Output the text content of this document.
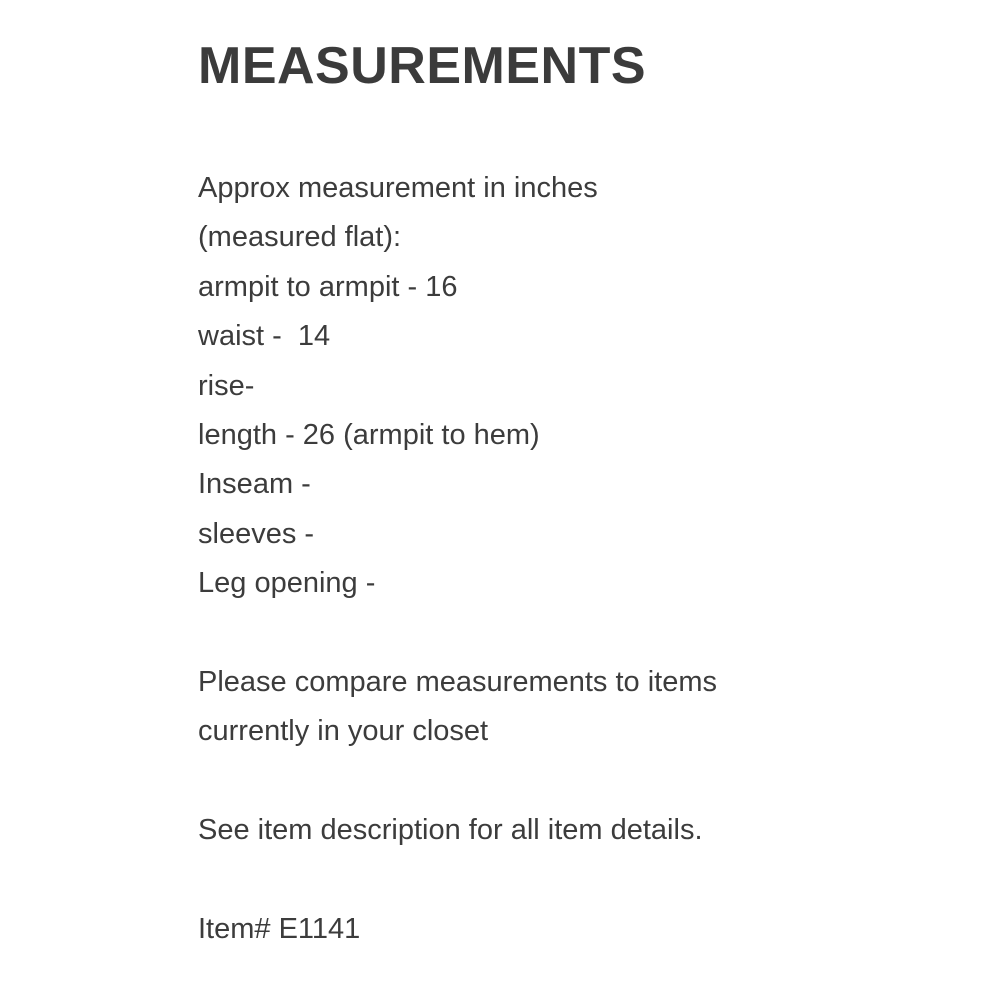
MEASUREMENTS
Approx measurement in inches
(measured flat):
armpit to armpit - 16
waist -  14
rise-
length - 26 (armpit to hem)
Inseam -
sleeves -
Leg opening -
Please compare measurements to items
currently in your closet
See item description for all item details.
Item# E1141
